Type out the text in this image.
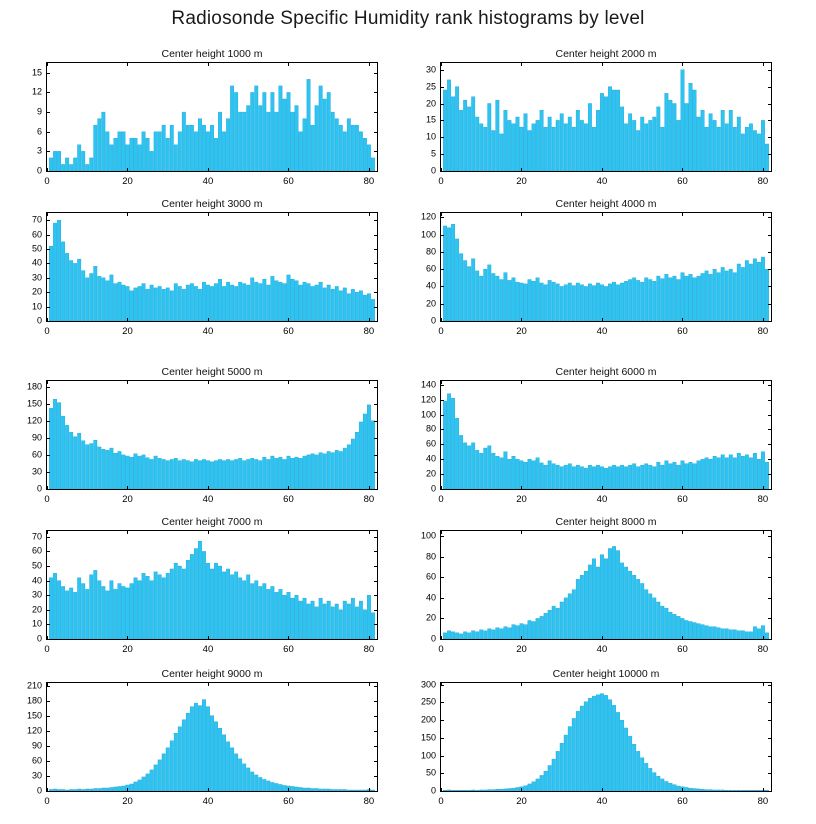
Radiosonde Specific Humidity rank histograms by level
Center height 1000 m
0
3
6
9
12
15
0	20	40	60	80
Center height 2000 m
0
5
10
15
20
25
30
0	20	40	60	80
Center height 3000 m
0
10
20
30
40
50
60
70
0	20	40	60	80
Center height 4000 m
0
20
40
60
80
100
120
0	20	40	60	80
Center height 5000 m
0
30
60
90
120
150
180
0	20	40	60	80
Center height 6000 m
0
20
40
60
80
100
120
140
0	20	40	60	80
Center height 7000 m
0
10
20
30
40
50
60
70
0	20	40	60	80
Center height 8000 m
0
20
40
60
80
100
0	20	40	60	80
Center height 9000 m
0
30
60
90
120
150
180
210
0	20	40	60	80
Center height 10000 m
0
50
100
150
200
250
300
0	20	40	60	80
